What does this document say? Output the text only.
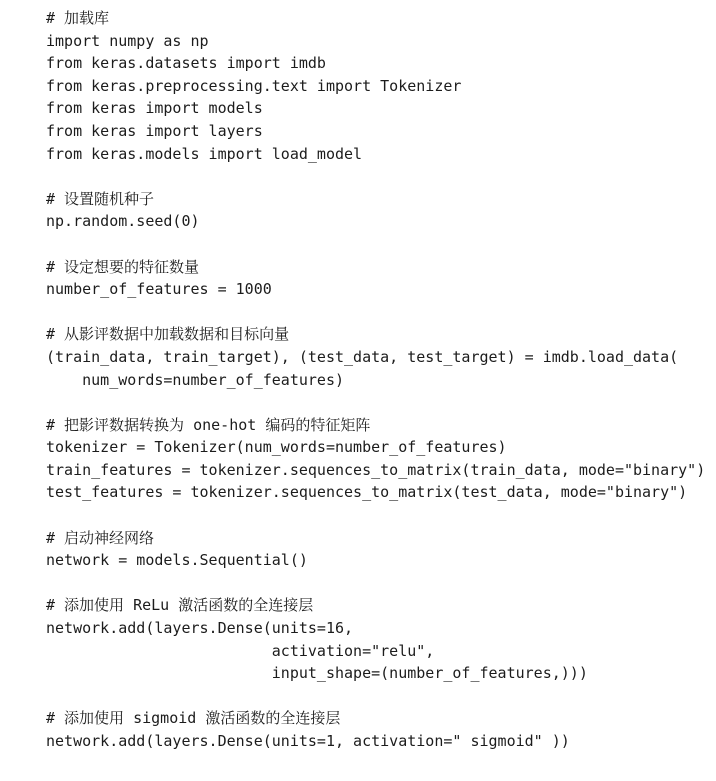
# 加载库
import numpy as np
from keras.datasets import imdb
from keras.preprocessing.text import Tokenizer
from keras import models
from keras import layers
from keras.models import load_model
# 设置随机种子
np.random.seed(0)
# 设定想要的特征数量
number_of_features = 1000
# 从影评数据中加载数据和目标向量
(train_data, train_target), (test_data, test_target) = imdb.load_data(
num_words=number_of_features)
# 把影评数据转换为 one-hot 编码的特征矩阵
tokenizer = Tokenizer(num_words=number_of_features)
train_features = tokenizer.sequences_to_matrix(train_data, mode="binary")
test_features = tokenizer.sequences_to_matrix(test_data, mode="binary")
# 启动神经网络
network = models.Sequential()
# 添加使用 ReLu 激活函数的全连接层
network.add(layers.Dense(units=16,
activation="relu",
input_shape=(number_of_features,)))
# 添加使用 sigmoid 激活函数的全连接层
network.add(layers.Dense(units=1, activation=" sigmoid" ))
